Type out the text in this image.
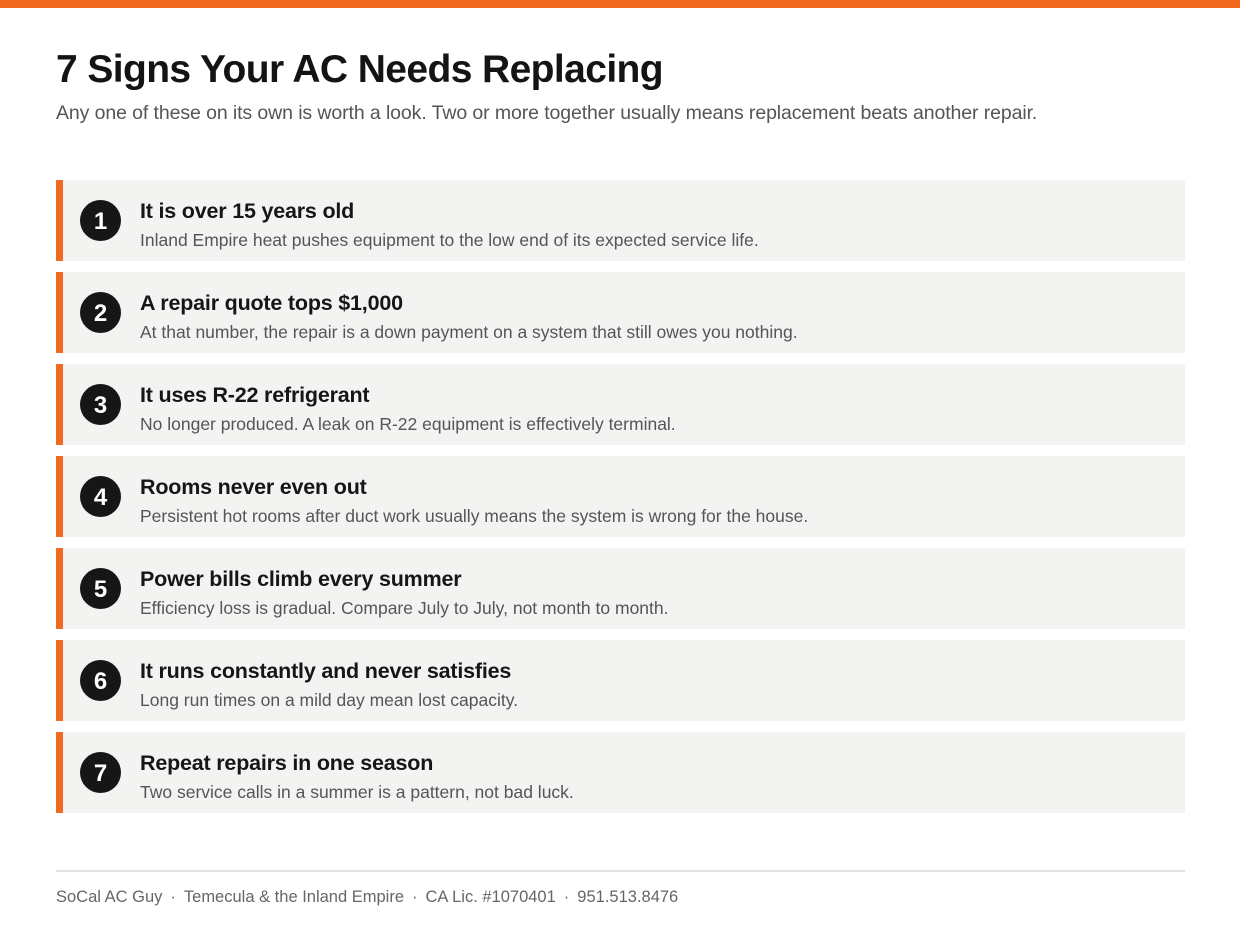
7 Signs Your AC Needs Replacing

Any one of these on its own is worth a look. Two or more together usually means replacement beats another repair.

1	It is over 15 years old
Inland Empire heat pushes equipment to the low end of its expected service life.
2	A repair quote tops $1,000
At that number, the repair is a down payment on a system that still owes you nothing.
3	It uses R-22 refrigerant
No longer produced. A leak on R-22 equipment is effectively terminal.
4	Rooms never even out
Persistent hot rooms after duct work usually means the system is wrong for the house.
5	Power bills climb every summer
Efficiency loss is gradual. Compare July to July, not month to month.
6	It runs constantly and never satisfies
Long run times on a mild day mean lost capacity.
7	Repeat repairs in one season
Two service calls in a summer is a pattern, not bad luck.
SoCal AC Guy · Temecula & the Inland Empire · CA Lic. #1070401 · 951.513.8476
